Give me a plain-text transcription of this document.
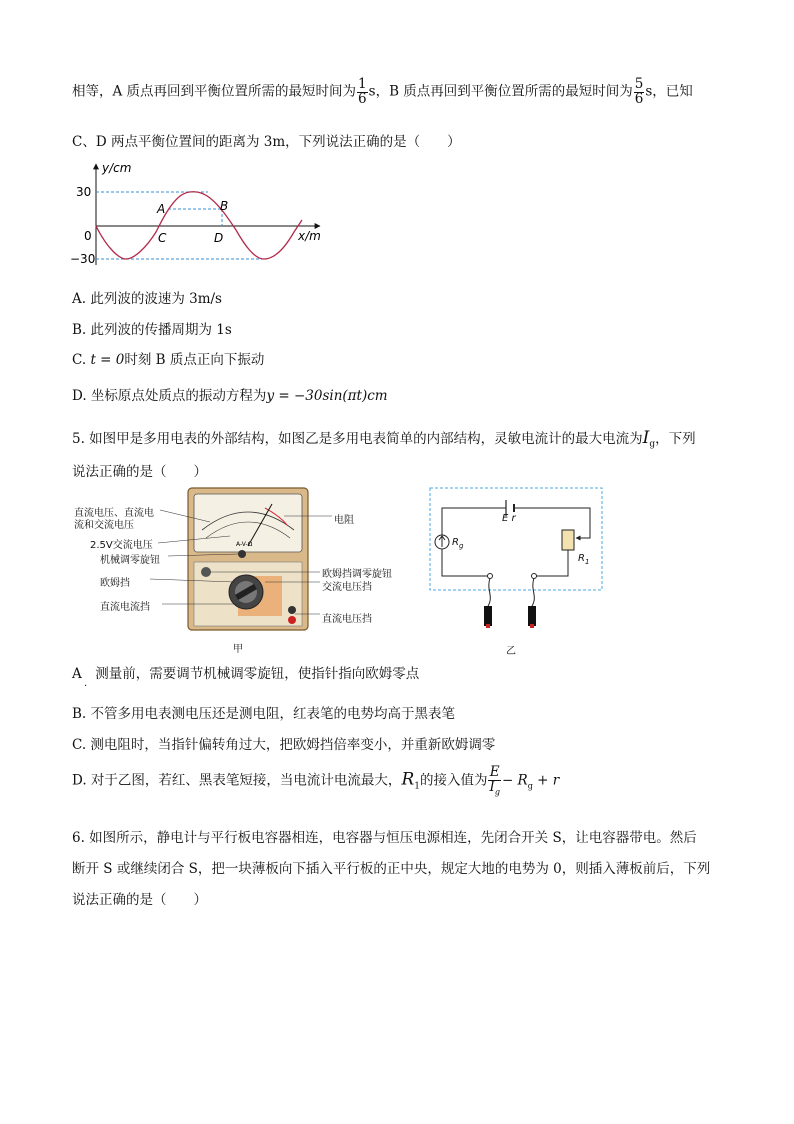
相等，A 质点再回到平衡位置所需的最短时间为 $\frac{1}{6}$ s，B 质点再回到平衡位置所需的最短时间为 $\frac{5}{6}$ s，已知
C、D 两点平衡位置间的距离为 3m，下列说法正确的是（　　）
y/cm
x/m
30
0
−30
A	B
C	D
A. 此列波的波速为 3m/s
B. 此列波的传播周期为 1s
C. t = 0时刻 B 质点正向下振动
D. 坐标原点处质点的振动方程为y = −30sin(πt)cm
5. 如图甲是多用电表的外部结构，如图乙是多用电表简单的内部结构，灵敏电流计的最大电流为$I_g$，下列
说法正确的是（　　）
A-V-Ω
直流电压、直流电
流和交流电压
2.5V交流电压
机械调零旋钮
欧姆挡
直流电流挡
电阻
欧姆挡调零旋钮
交流电压挡
直流电压挡
甲
E r
$R_g$
$R_1$
乙
A　测量前，需要调节机械调零旋钮，使指针指向欧姆零点
·
B. 不管多用电表测电压还是测电阻，红表笔的电势均高于黑表笔
C. 测电阻时，当指针偏转角过大，把欧姆挡倍率变小，并重新欧姆调零
D. 对于乙图，若红、黑表笔短接，当电流计电流最大，$R_1$的接入值为 $\frac{E}{I_g} - R_g + r$
6. 如图所示，静电计与平行板电容器相连，电容器与恒压电源相连，先闭合开关 S，让电容器带电。然后
断开 S 或继续闭合 S，把一块薄板向下插入平行板的正中央，规定大地的电势为 0，则插入薄板前后，下列
说法正确的是（　　）
